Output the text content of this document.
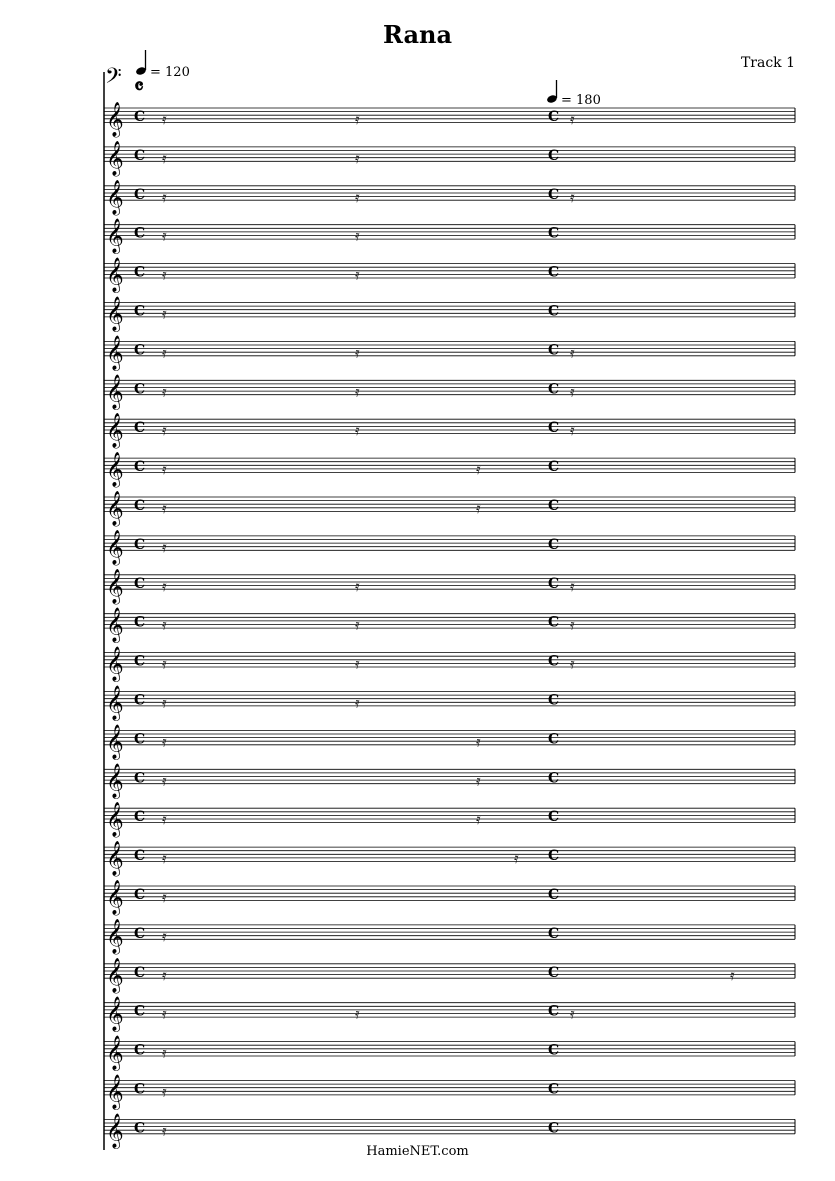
Rana
Track 1
𝄢 𝄴
= 120
= 180
𝄞 C	C
𝄿	𝄿	𝄿
𝄞 C	C
𝄿	𝄿
𝄞 C	C
𝄿	𝄿	𝄿
𝄞 C	C
𝄿	𝄿
𝄞 C	C
𝄿	𝄿
𝄞 C	C
𝄿
𝄞 C	C
𝄿	𝄿	𝄿
𝄞 C	C
𝄿	𝄿	𝄿
𝄞 C	C
𝄿	𝄿	𝄿
𝄞 C	C
𝄿	𝄿
𝄞 C	C
𝄿	𝄿
𝄞 C	C
𝄿
𝄞 C	C
𝄿	𝄿	𝄿
𝄞 C	C
𝄿	𝄿	𝄿
𝄞 C	C
𝄿	𝄿	𝄿
𝄞 C	C
𝄿	𝄿
𝄞 C	C
𝄿	𝄿
𝄞 C	C
𝄿	𝄿
𝄞 C	C
𝄿	𝄿
𝄞 C	C
𝄿	𝄿
𝄞 C	C
𝄿
𝄞 C	C
𝄿
𝄞 C	C
𝄿	𝄿
𝄞 C	C
𝄿	𝄿	𝄿
𝄞 C	C
𝄿
𝄞 C	C
𝄿
𝄞 C	C
𝄿
HamieNET.com
